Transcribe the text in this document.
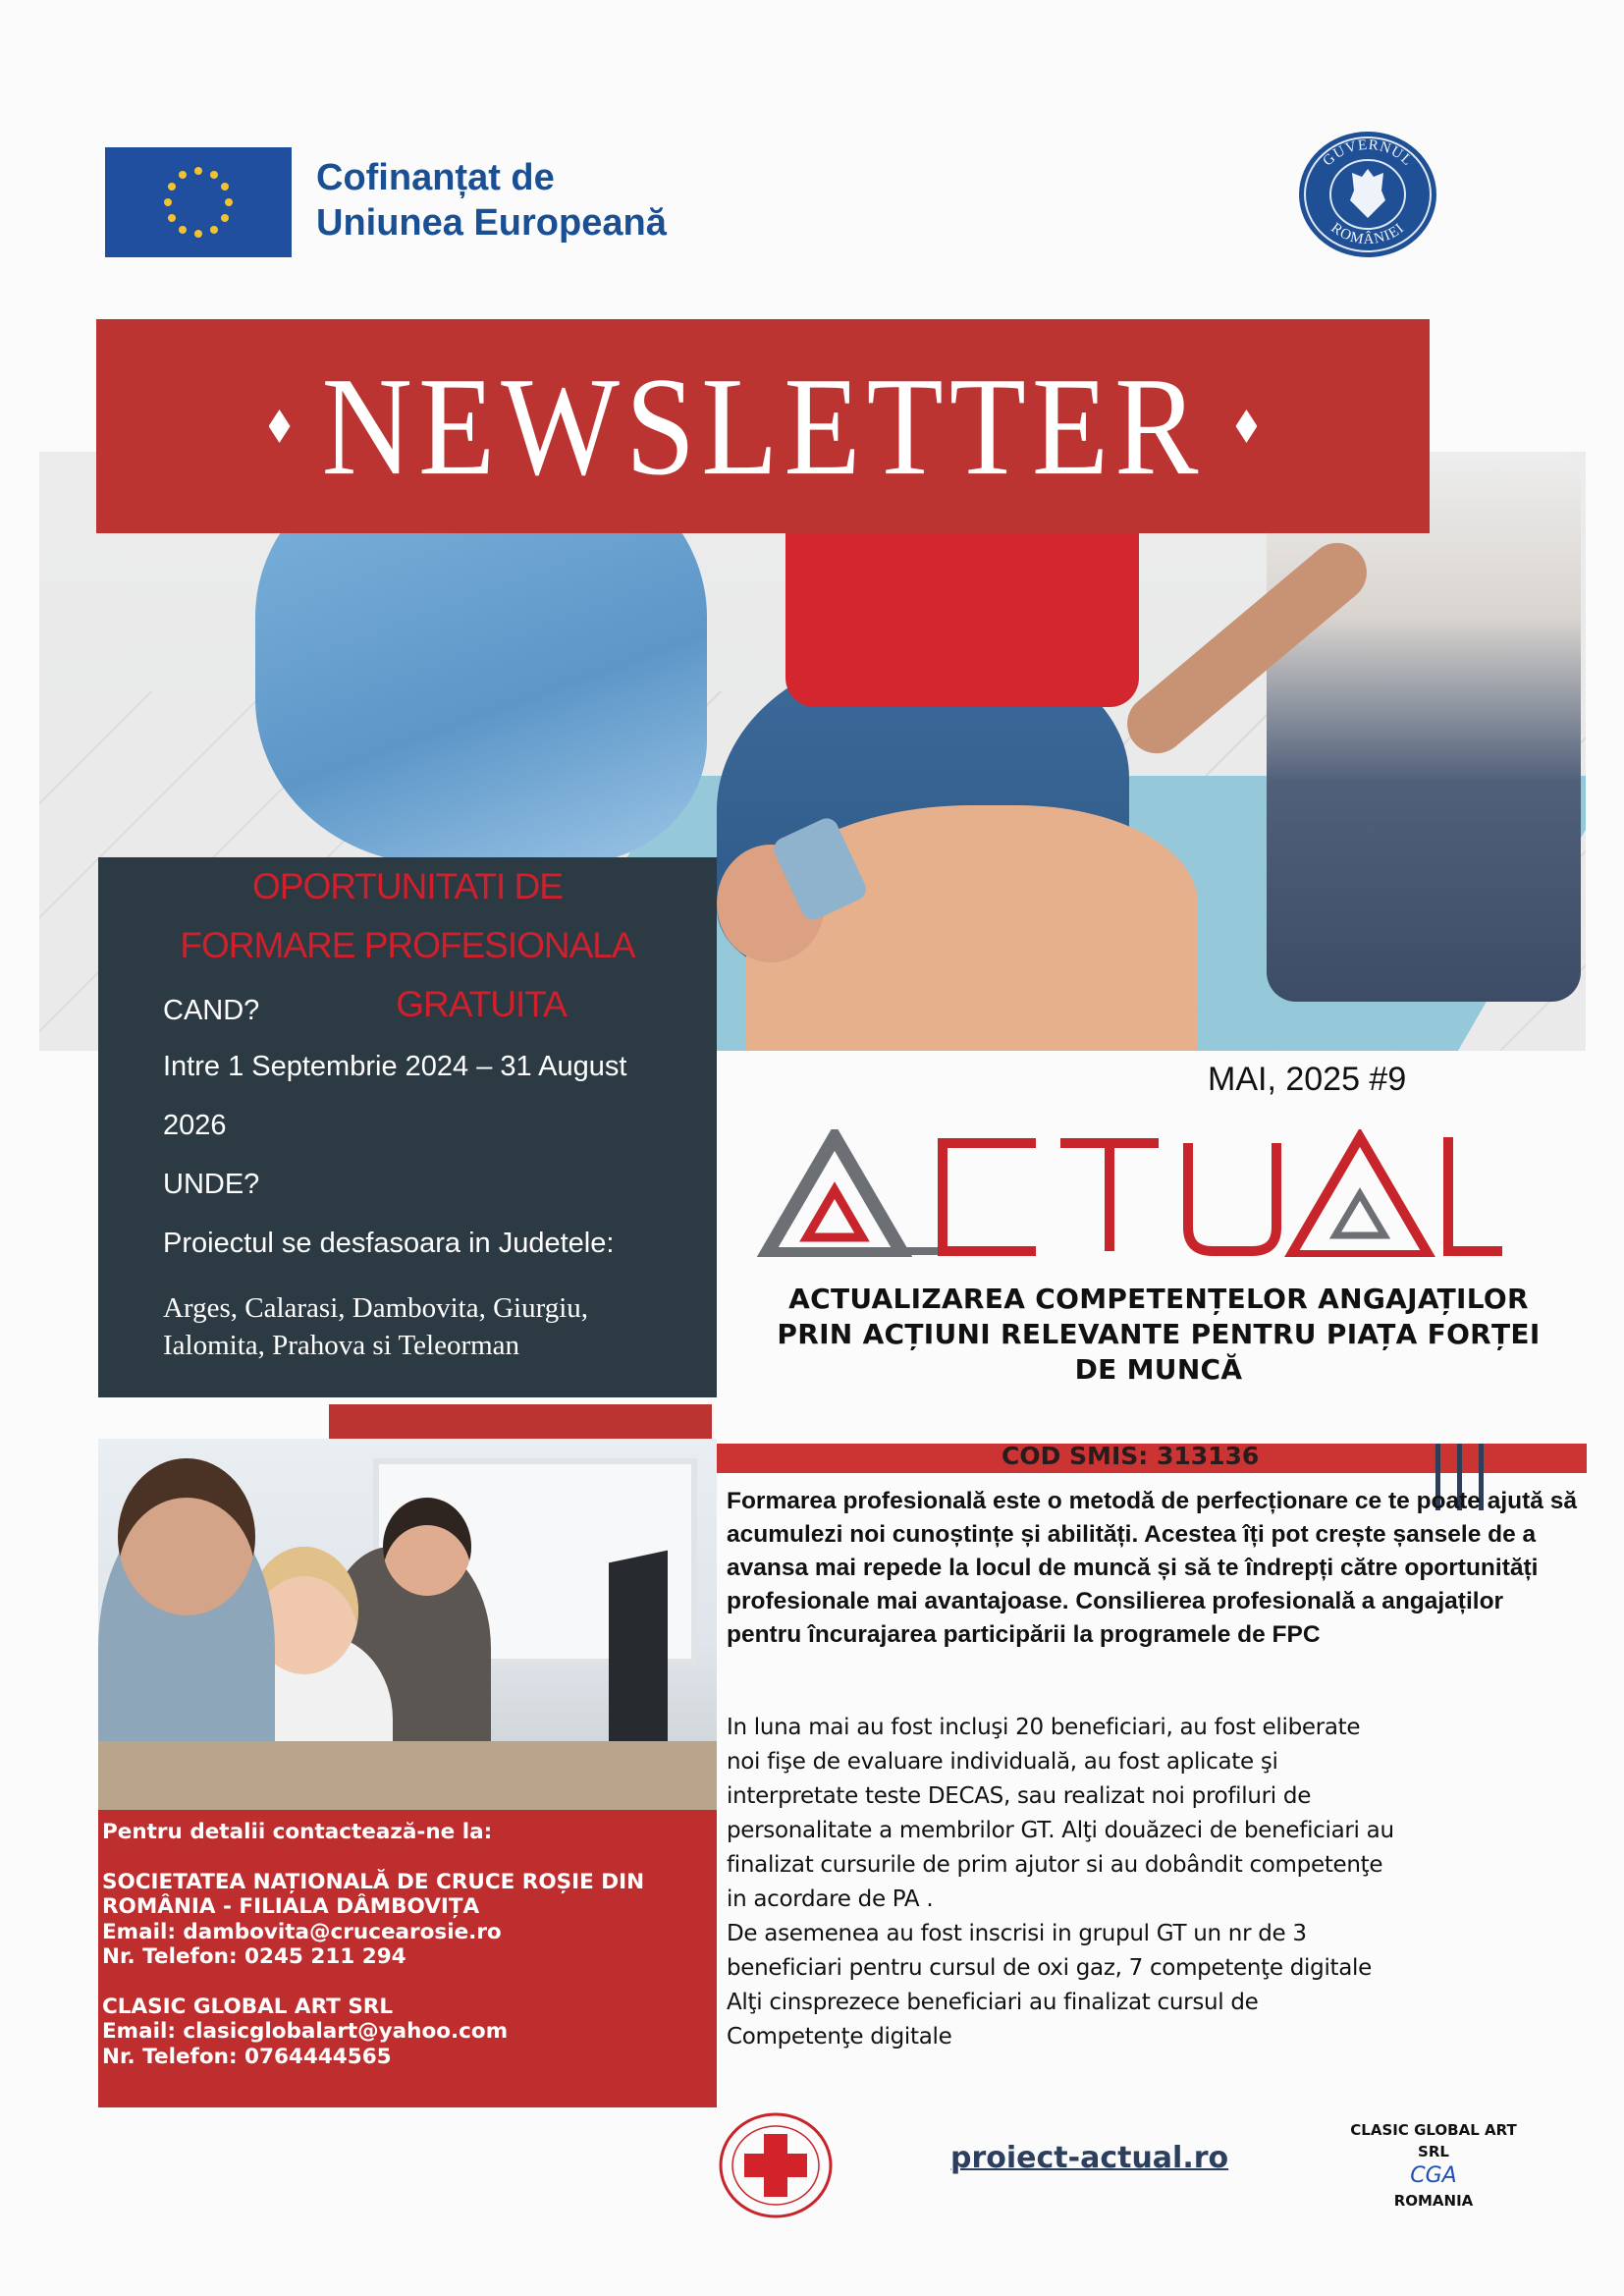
Cofinanțat de
Uniunea Europeană
GUVERNUL
ROMÂNIEI
NEWSLETTER
OPORTUNITATI DE
FORMARE PROFESIONALA
GRATUITA
CAND?
Intre 1 Septembrie 2024 – 31 August
2026
UNDE?
Proiectul se desfasoara in Judetele:
Arges, Calarasi, Dambovita, Giurgiu,
Ialomita, Prahova si Teleorman
MAI, 2025 #9
ACTUALIZAREA COMPETENȚELOR ANGAJAȚILOR
PRIN ACȚIUNI RELEVANTE PENTRU PIAȚA FORȚEI
DE MUNCĂ
COD SMIS: 313136
Formarea profesională este o metodă de perfecționare ce te poate ajută să acumulezi noi cunoștințe și abilități. Acestea îți pot crește șansele de a avansa mai repede la locul de muncă și să te îndrepți către oportunități profesionale mai avantajoase. Consilierea profesională a angajaților pentru încurajarea participării la programele de FPC
In luna mai au fost incluşi 20 beneficiari, au fost eliberate
noi fişe de evaluare individuală, au fost aplicate şi
interpretate teste DECAS, sau realizat noi profiluri de
personalitate a membrilor GT. Alţi douăzeci de beneficiari au
finalizat cursurile de prim ajutor si au dobândit competenţe
in acordare de PA .
De asemenea au fost inscrisi in grupul GT un nr de 3
beneficiari pentru cursul de oxi gaz, 7 competenţe digitale
Alţi cinsprezece beneficiari au finalizat cursul de
Competenţe digitale
Pentru detalii contactează-ne la:
SOCIETATEA NAȚIONALĂ DE CRUCE ROȘIE DIN
ROMÂNIA - FILIALA DÂMBOVIȚA
Email: dambovita@crucearosie.ro
Nr. Telefon: 0245 211 294
CLASIC GLOBAL ART SRL
Email: clasicglobalart@yahoo.com
Nr. Telefon: 0764444565
proiect-actual.ro
CLASIC GLOBAL ART SRL
CGA
ROMANIA
